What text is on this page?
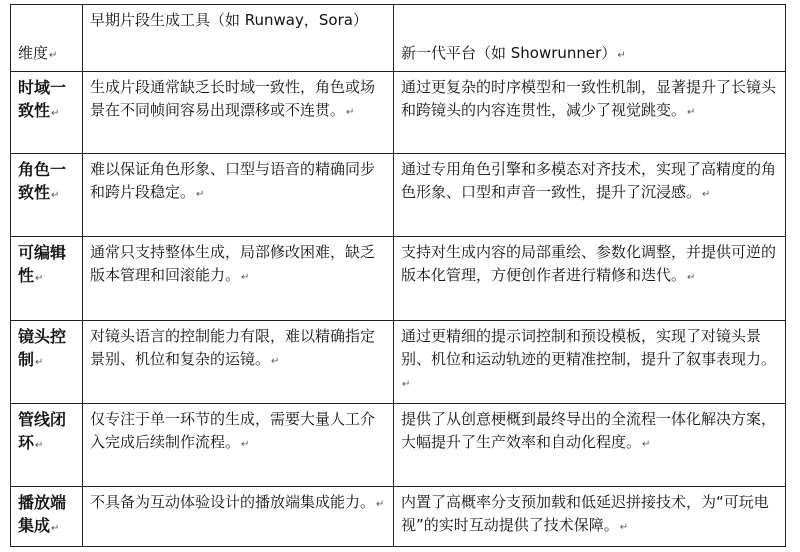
维度↵	早期片段生成工具（如 Runway，Sora）	新一代平台（如 Showrunner）↵
时域一致性↵	生成片段通常缺乏长时域一致性，角色或场景在不同帧间容易出现漂移或不连贯。↵	通过更复杂的时序模型和一致性机制，显著提升了长镜头和跨镜头的内容连贯性，减少了视觉跳变。↵
角色一致性↵	难以保证角色形象、口型与语音的精确同步和跨片段稳定。↵	通过专用角色引擎和多模态对齐技术，实现了高精度的角色形象、口型和声音一致性，提升了沉浸感。↵
可编辑性↵	通常只支持整体生成，局部修改困难，缺乏版本管理和回滚能力。↵	支持对生成内容的局部重绘、参数化调整，并提供可逆的版本化管理，方便创作者进行精修和迭代。↵
镜头控制↵	对镜头语言的控制能力有限，难以精确指定景别、机位和复杂的运镜。↵	通过更精细的提示词控制和预设模板，实现了对镜头景别、机位和运动轨迹的更精准控制，提升了叙事表现力。↵
管线闭环↵	仅专注于单一环节的生成，需要大量人工介入完成后续制作流程。↵	提供了从创意梗概到最终导出的全流程一体化解决方案，大幅提升了生产效率和自动化程度。↵
播放端集成↵	不具备为互动体验设计的播放端集成能力。↵	内置了高概率分支预加载和低延迟拼接技术，为“可玩电视”的实时互动提供了技术保障。↵
